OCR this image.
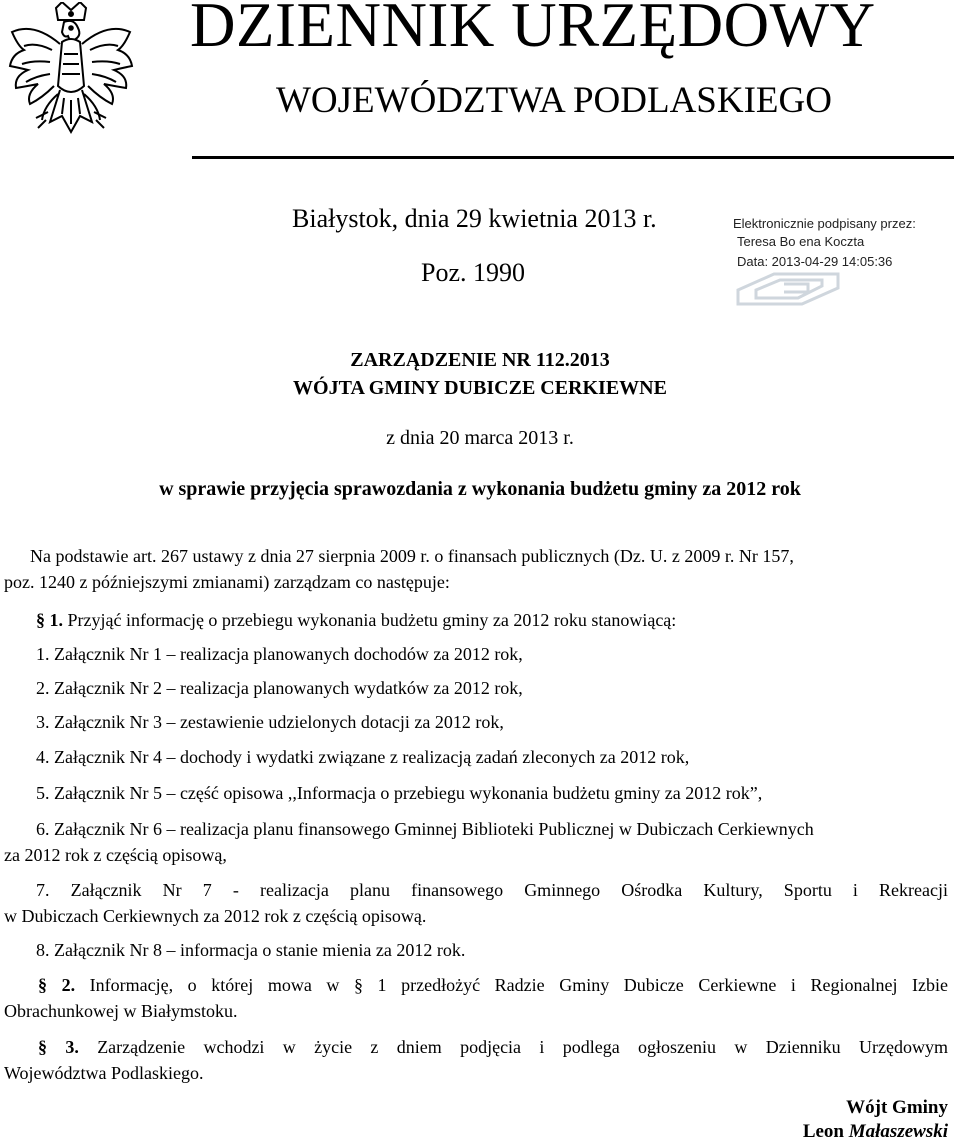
DZIENNIK URZĘDOWY
WOJEWÓDZTWA PODLASKIEGO
Białystok, dnia 29 kwietnia 2013 r.
Poz. 1990
Elektronicznie podpisany przez:
Teresa Bo ena Koczta
Data: 2013-04-29 14:05:36
ZARZĄDZENIE NR 112.2013
WÓJTA GMINY DUBICZE CERKIEWNE
z dnia 20 marca 2013 r.
w sprawie przyjęcia sprawozdania z wykonania budżetu gminy za 2012 rok
Na podstawie art. 267 ustawy z dnia 27 sierpnia 2009 r. o finansach publicznych (Dz. U. z 2009 r. Nr 157,
poz. 1240 z późniejszymi zmianami) zarządzam co następuje:
§ 1. Przyjąć informację o przebiegu wykonania budżetu gminy za 2012 roku stanowiącą:
1. Załącznik Nr 1 – realizacja planowanych dochodów za 2012 rok,
2. Załącznik Nr 2 – realizacja planowanych wydatków za 2012 rok,
3. Załącznik Nr 3 – zestawienie udzielonych dotacji za 2012 rok,
4. Załącznik Nr 4 – dochody i wydatki związane z realizacją zadań zleconych za 2012 rok,
5. Załącznik Nr 5 – część opisowa ,,Informacja o przebiegu wykonania budżetu gminy za 2012 rok”,
6. Załącznik Nr 6 – realizacja planu finansowego Gminnej Biblioteki Publicznej w Dubiczach Cerkiewnych
za 2012 rok z częścią opisową,
7. Załącznik Nr 7 - realizacja planu finansowego Gminnego Ośrodka Kultury, Sportu i Rekreacji
w Dubiczach Cerkiewnych za 2012 rok z częścią opisową.
8. Załącznik Nr 8 – informacja o stanie mienia za 2012 rok.
§ 2. Informację, o której mowa w § 1 przedłożyć Radzie Gminy Dubicze Cerkiewne i Regionalnej Izbie
Obrachunkowej w Białymstoku.
§ 3. Zarządzenie wchodzi w życie z dniem podjęcia i podlega ogłoszeniu w Dzienniku Urzędowym
Województwa Podlaskiego.
Wójt Gminy
Leon Małaszewski
